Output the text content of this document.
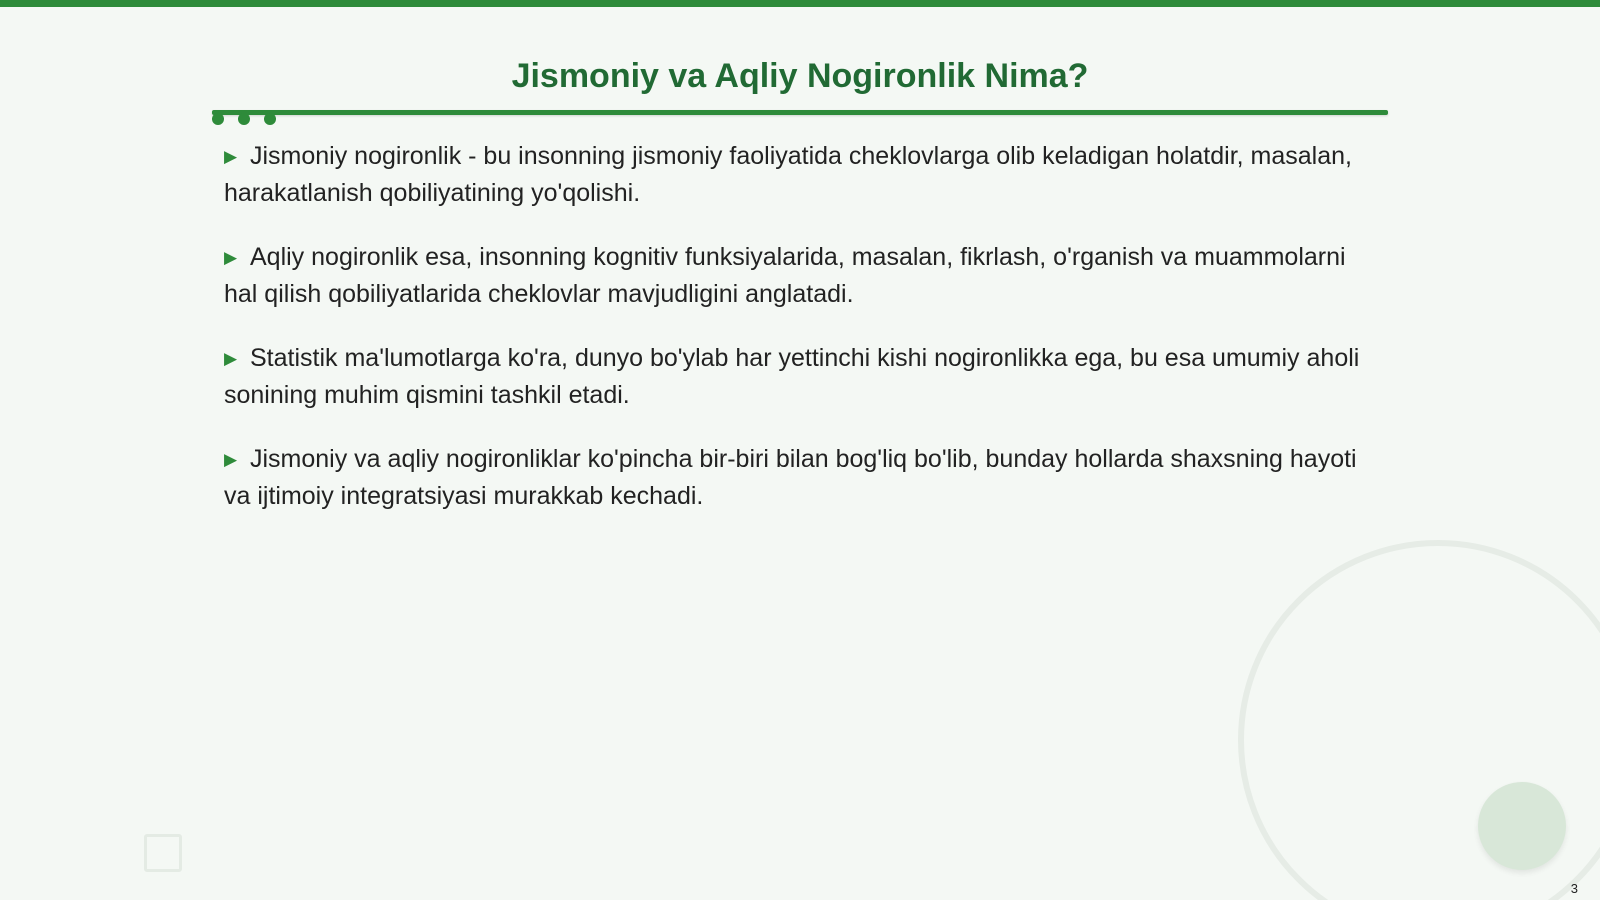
Jismoniy va Aqliy Nogironlik Nima?
▶ Jismoniy nogironlik - bu insonning jismoniy faoliyatida cheklovlarga olib keladigan holatdir, masalan, harakatlanish qobiliyatining yo'qolishi.
▶ Aqliy nogironlik esa, insonning kognitiv funksiyalarida, masalan, fikrlash, o'rganish va muammolarni hal qilish qobiliyatlarida cheklovlar mavjudligini anglatadi.
▶ Statistik ma'lumotlarga ko'ra, dunyo bo'ylab har yettinchi kishi nogironlikka ega, bu esa umumiy aholi sonining muhim qismini tashkil etadi.
▶ Jismoniy va aqliy nogironliklar ko'pincha bir-biri bilan bog'liq bo'lib, bunday hollarda shaxsning hayoti va ijtimoiy integratsiyasi murakkab kechadi.
3
